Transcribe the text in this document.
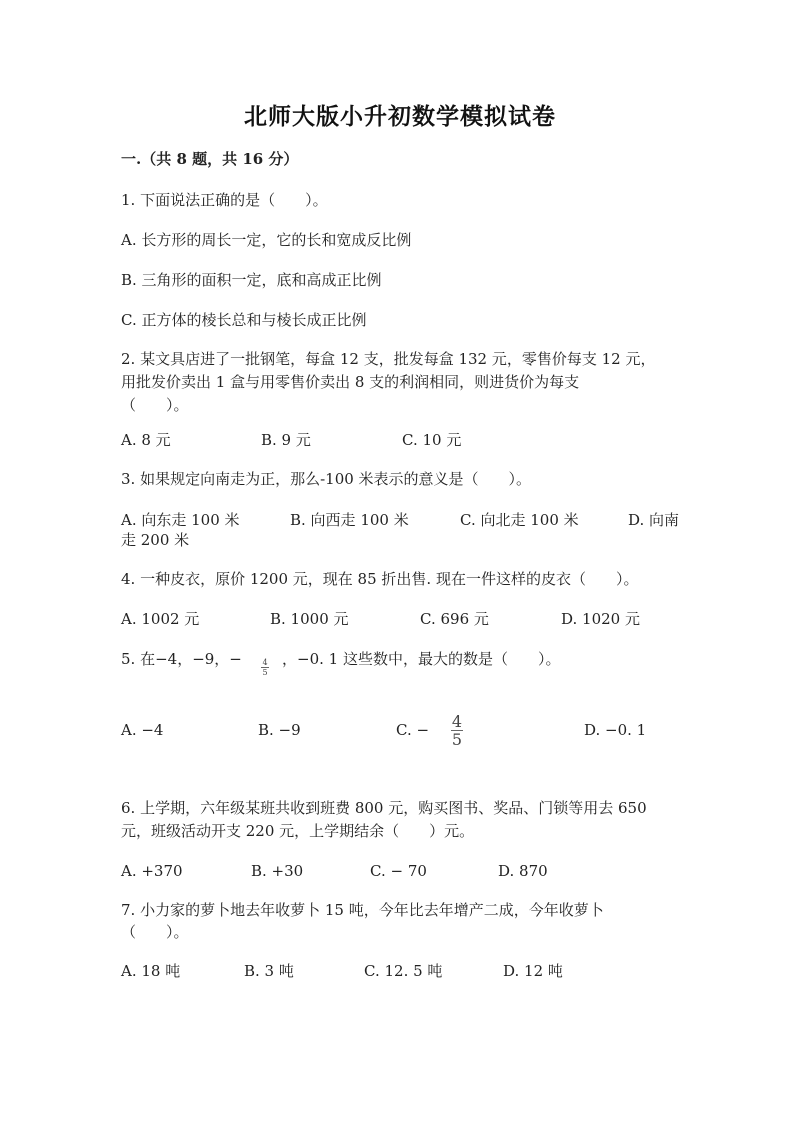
北师大版小升初数学模拟试卷
一.（共 8 题，共 16 分）
1. 下面说法正确的是（　　）。
A. 长方形的周长一定，它的长和宽成反比例
B. 三角形的面积一定，底和高成正比例
C. 正方体的棱长总和与棱长成正比例
2. 某文具店进了一批钢笔，每盒 12 支，批发每盒 132 元，零售价每支 12 元，
用批发价卖出 1 盒与用零售价卖出 8 支的利润相同，则进货价为每支
（　　）。
A. 8 元	B. 9 元	C. 10 元
3. 如果规定向南走为正，那么-100 米表示的意义是（　　）。
A. 向东走 100 米	B. 向西走 100 米	C. 向北走 100 米	D. 向南
走 200 米
4. 一种皮衣，原价 1200 元，现在 85 折出售. 现在一件这样的皮衣（　　）。
A. 1002 元	B. 1000 元	C. 696 元	D. 1020 元
5. 在−4，−9，−	4
5
，−0. 1 这些数中，最大的数是（　　）。
A. −4	B. −9	C. − 4
5	D. −0. 1
6. 上学期，六年级某班共收到班费 800 元，购买图书、奖品、门锁等用去 650
元，班级活动开支 220 元，上学期结余（　　）元。
A. +370	B. +30	C. − 70	D. 870
7. 小力家的萝卜地去年收萝卜 15 吨，今年比去年增产二成，今年收萝卜
（　　）。
A. 18 吨	B. 3 吨	C. 12. 5 吨	D. 12 吨
